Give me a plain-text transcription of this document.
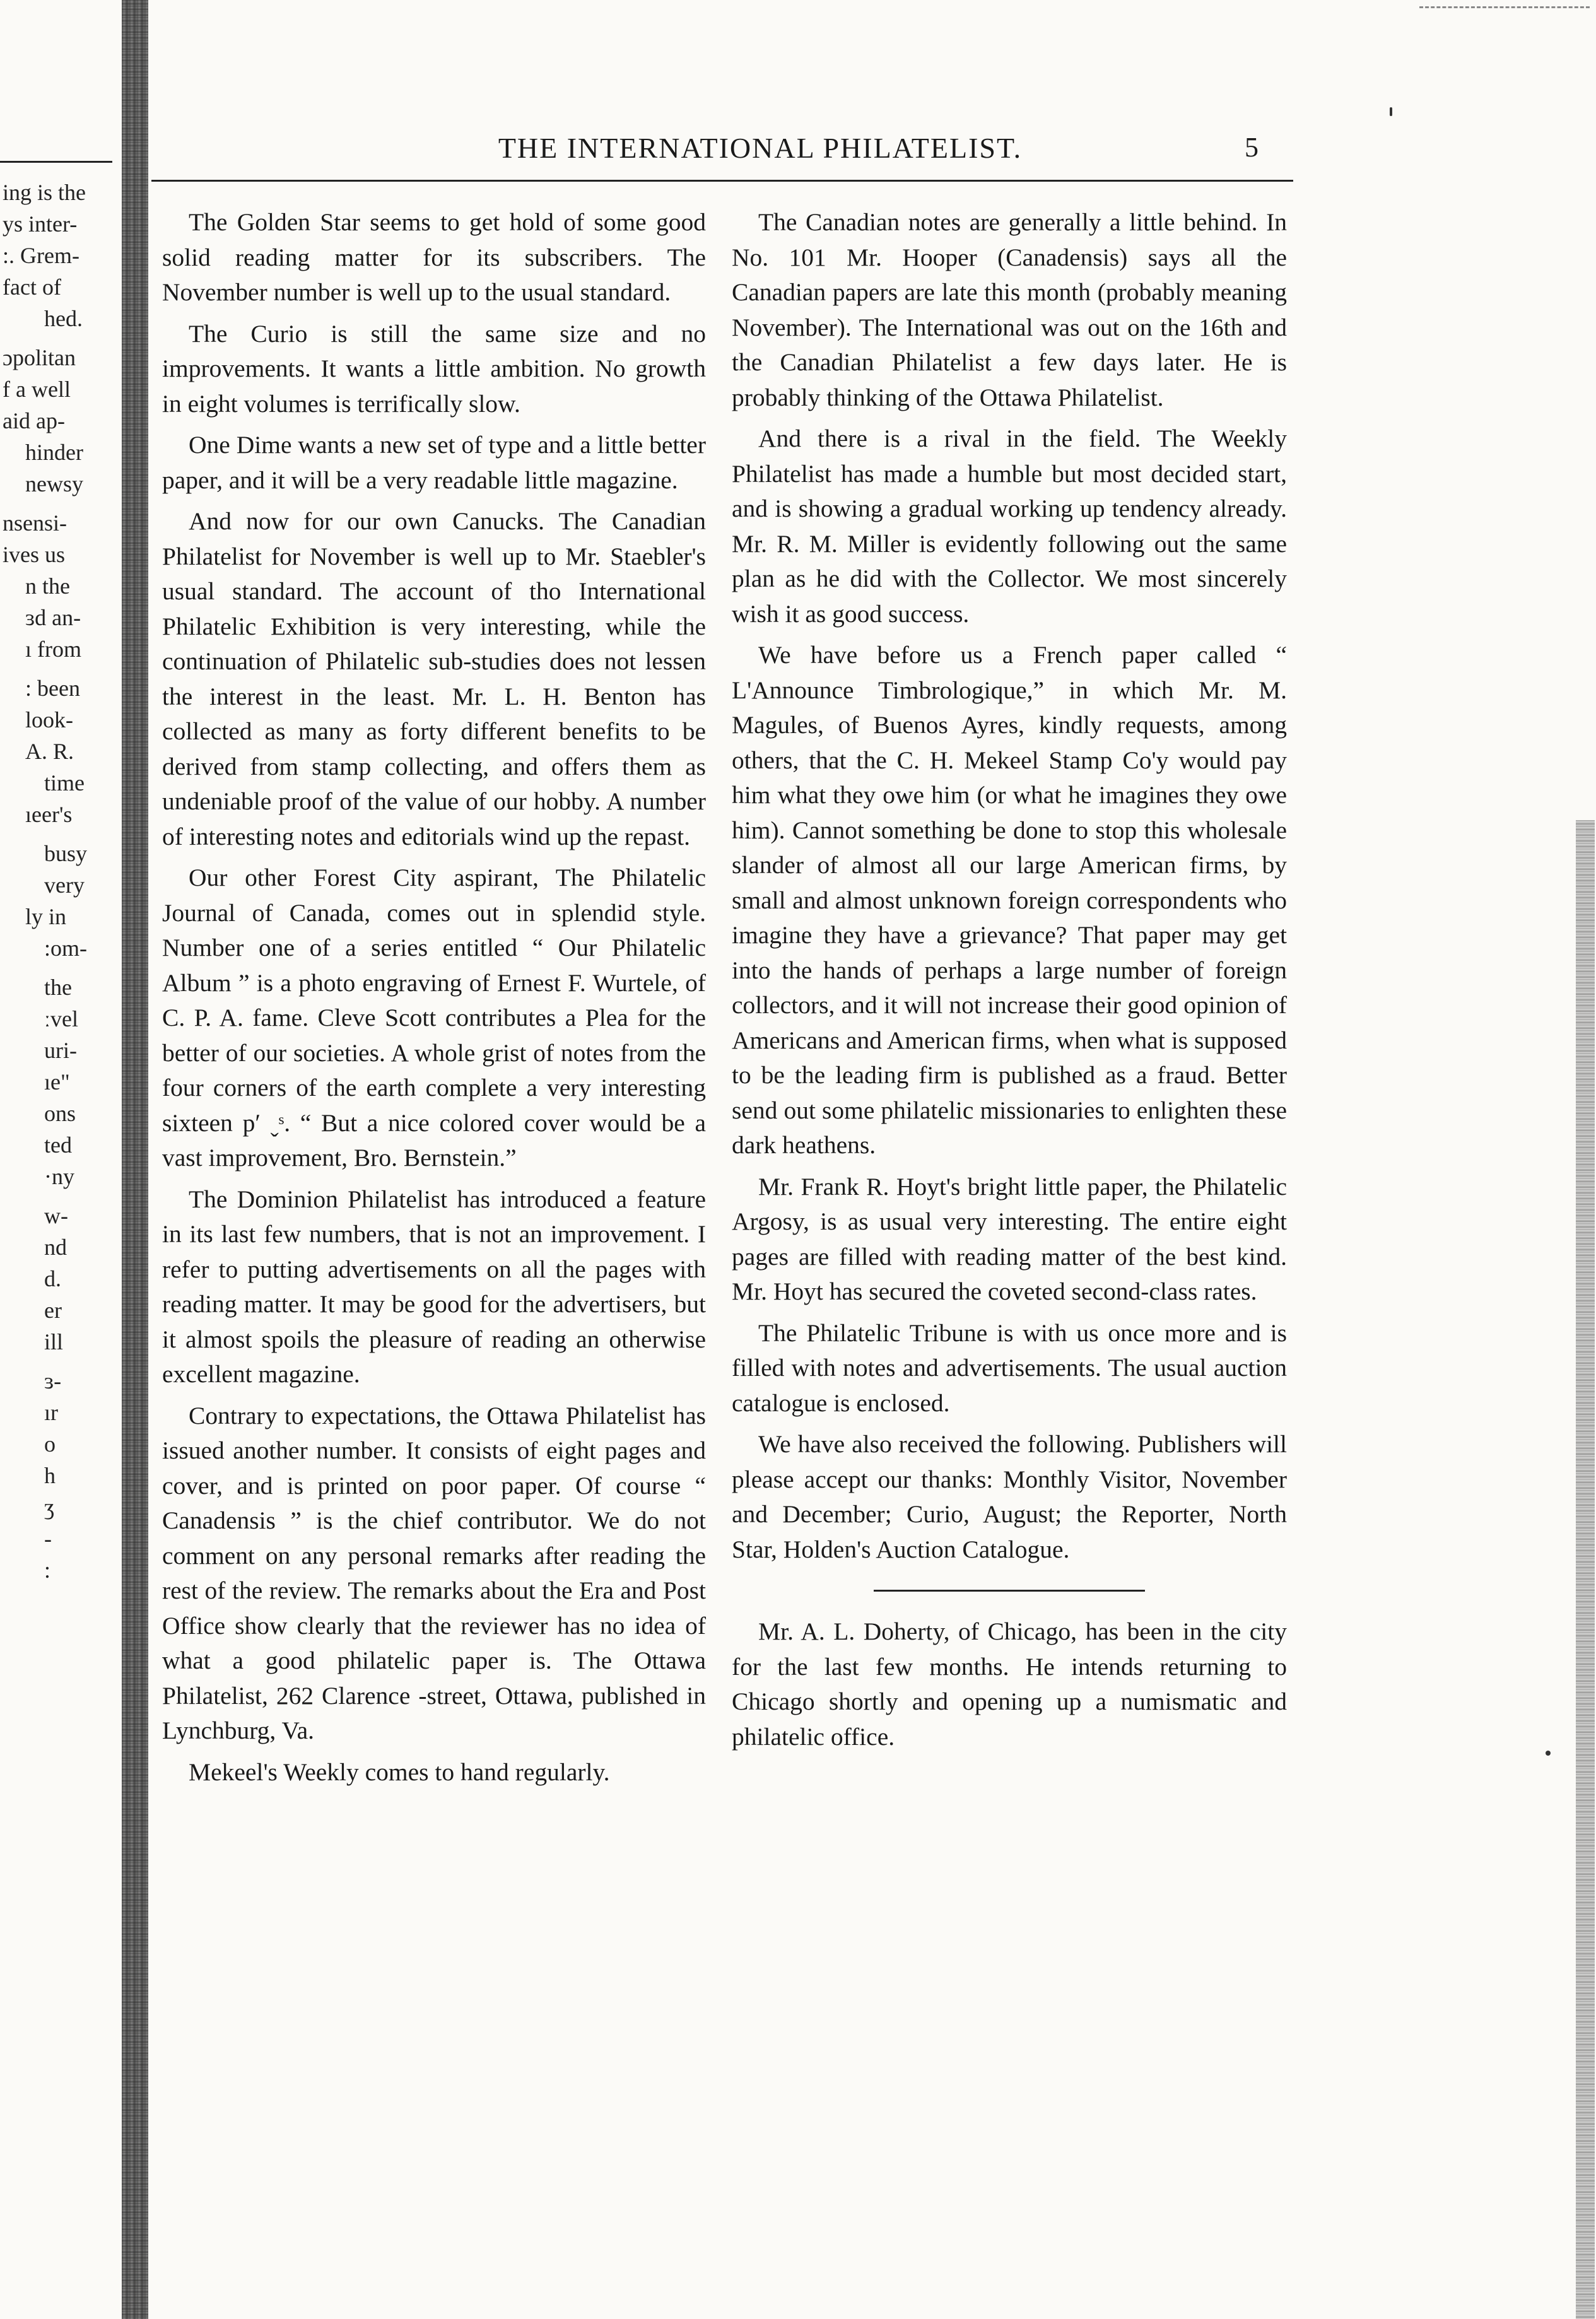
ing is the
ys inter-
:. Grem-
fact of
hed.
ɔpolitan
f a well
aid ap-
hinder
newsy
nsensi-
ives us
n the
ɜd an-
ı from
: been
look-
A. R.
time
ıeer's
busy
very
ly in
:om-
the
ːvel
uri-
ıe"
ons
ted
·ny
w-
nd
d.
er
ill
ɜ-
ır
o
h
ʒ
-
:
THE INTERNATIONAL PHILATELIST.	5

The Golden Star seems to get hold of some good solid reading matter for its subscribers. The November number is well up to the usual standard.

The Curio is still the same size and no improvements. It wants a little ambition. No growth in eight volumes is terrifically slow.

One Dime wants a new set of type and a little better paper, and it will be a very readable little magazine.

And now for our own Canucks. The Canadian Philatelist for November is well up to Mr. Staebler's usual standard. The account of tho International Philatelic Exhibition is very interesting, while the continuation of Philatelic sub-studies does not lessen the interest in the least. Mr. L. H. Benton has collected as many as forty different benefits to be derived from stamp collecting, and offers them as undeniable proof of the value of our hobby. A number of interesting notes and editorials wind up the repast.

Our other Forest City aspirant, The Philatelic Journal of Canada, comes out in splendid style. Number one of a series entitled “ Our Philatelic Album ” is a photo engraving of Ernest F. Wurtele, of C. P. A. fame. Cleve Scott contributes a Plea for the better of our societies. A whole grist of notes from the four corners of the earth complete a very interesting sixteen pʹ ˬˢ. “ But a nice colored cover would be a vast improvement, Bro. Bernstein.”

The Dominion Philatelist has introduced a feature in its last few numbers, that is not an improvement. I refer to putting advertisements on all the pages with reading matter. It may be good for the advertisers, but it almost spoils the pleasure of reading an otherwise excellent magazine.

Contrary to expectations, the Ottawa Philatelist has issued another number. It consists of eight pages and cover, and is printed on poor paper. Of course “ Canadensis ” is the chief contributor. We do not comment on any personal remarks after reading the rest of the review. The remarks about the Era and Post Office show clearly that the reviewer has no idea of what a good philatelic paper is. The Ottawa Philatelist, 262 Clarence -street, Ottawa, published in Lynchburg, Va.

Mekeel's Weekly comes to hand regularly.

The Canadian notes are generally a little behind. In No. 101 Mr. Hooper (Canadensis) says all the Canadian papers are late this month (probably meaning November). The International was out on the 16th and the Canadian Philatelist a few days later. He is probably thinking of the Ottawa Philatelist.

And there is a rival in the field. The Weekly Philatelist has made a humble but most decided start, and is showing a gradual working up tendency already. Mr. R. M. Miller is evidently following out the same plan as he did with the Collector. We most sincerely wish it as good success.

We have before us a French paper called “ L'Announce Timbrologique,” in which Mr. M. Magules, of Buenos Ayres, kindly requests, among others, that the C. H. Mekeel Stamp Co'y would pay him what they owe him (or what he imagines they owe him). Cannot something be done to stop this wholesale slander of almost all our large American firms, by small and almost unknown foreign correspondents who imagine they have a grievance? That paper may get into the hands of perhaps a large number of foreign collectors, and it will not increase their good opinion of Americans and American firms, when what is supposed to be the leading firm is published as a fraud. Better send out some philatelic missionaries to enlighten these dark heathens.

Mr. Frank R. Hoyt's bright little paper, the Philatelic Argosy, is as usual very interesting. The entire eight pages are filled with reading matter of the best kind. Mr. Hoyt has secured the coveted second-class rates.

The Philatelic Tribune is with us once more and is filled with notes and advertisements. The usual auction catalogue is enclosed.

We have also received the following. Publishers will please accept our thanks: Monthly Visitor, November and December; Curio, August; the Reporter, North Star, Holden's Auction Catalogue.

Mr. A. L. Doherty, of Chicago, has been in the city for the last few months. He intends returning to Chicago shortly and opening up a numismatic and philatelic office.
